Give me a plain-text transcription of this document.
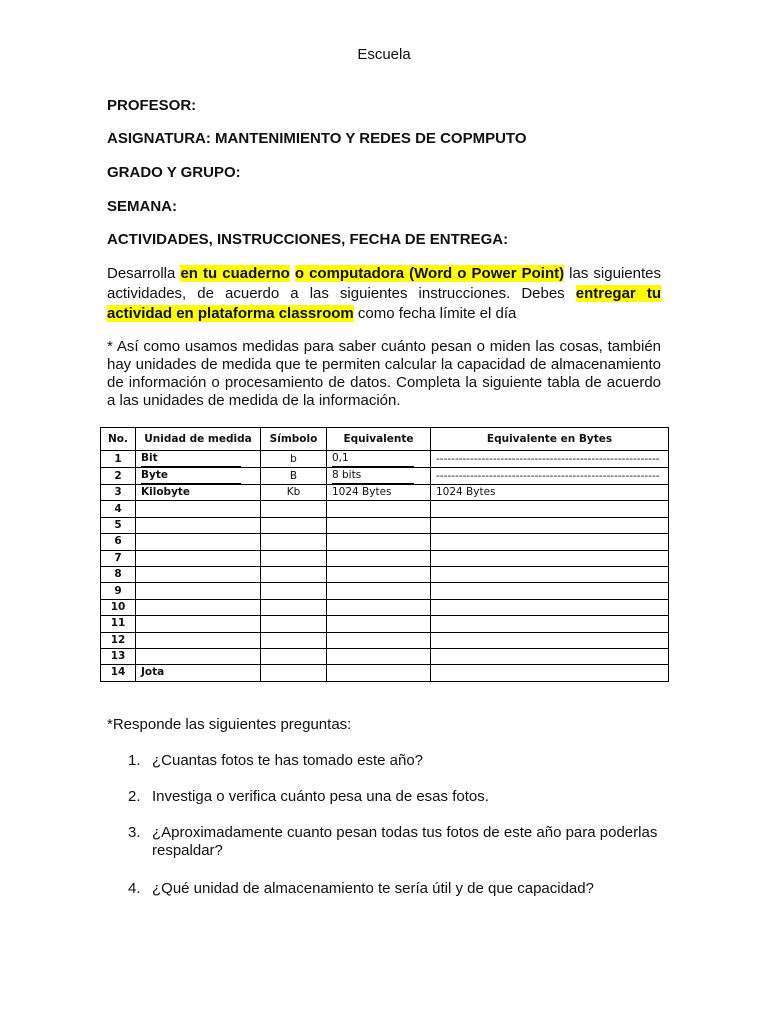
Escuela
PROFESOR:
ASIGNATURA: MANTENIMIENTO Y REDES DE COPMPUTO
GRADO Y GRUPO:
SEMANA:
ACTIVIDADES, INSTRUCCIONES, FECHA DE ENTREGA:
Desarrolla en tu cuaderno o computadora (Word o Power Point) las siguientes actividades, de acuerdo a las siguientes instrucciones. Debes entregar tu actividad en plataforma classroom como fecha límite el día
* Así como usamos medidas para saber cuánto pesan o miden las cosas, también hay unidades de medida que te permiten calcular la capacidad de almacenamiento de información o procesamiento de datos. Completa la siguiente tabla de acuerdo a las unidades de medida de la información.
No.	Unidad de medida	Símbolo	Equivalente	Equivalente en Bytes
1	Bit	b	0,1	-----------------------------------------------------------
2	Byte	B	8 bits	-----------------------------------------------------------
3	Kilobyte	Kb	1024 Bytes	1024 Bytes
4				
5				
6				
7				
8				
9				
10				
11				
12				
13				
14	Jota			
*Responde las siguientes preguntas:
1. ¿Cuantas fotos te has tomado este año?
2. Investiga o verifica cuánto pesa una de esas fotos.
3. ¿Aproximadamente cuanto pesan todas tus fotos de este año para poderlas respaldar?
4. ¿Qué unidad de almacenamiento te sería útil y de que capacidad?
